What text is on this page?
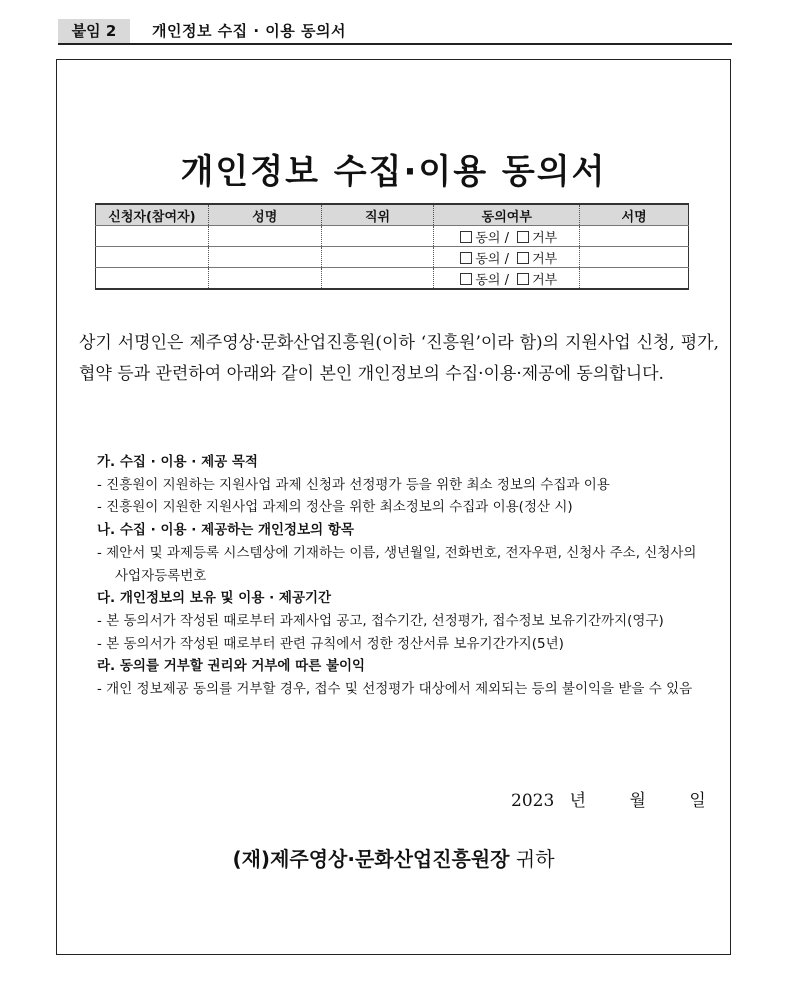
붙임 2	개인정보 수집 · 이용 동의서
개인정보 수집·이용 동의서
신청자(참여자)	성명	직위	동의여부	서명
			동의 / 거부	
			동의 / 거부	
			동의 / 거부	
상기 서명인은 제주영상·문화산업진흥원(이하 ‘진흥원’이라 함)의 지원사업 신청, 평가, 협약 등과 관련하여 아래와 같이 본인 개인정보의 수집·이용·제공에 동의합니다.
가. 수집 · 이용 · 제공 목적
- 진흥원이 지원하는 지원사업 과제 신청과 선정평가 등을 위한 최소 정보의 수집과 이용
- 진흥원이 지원한 지원사업 과제의 정산을 위한 최소정보의 수집과 이용(정산 시)
나. 수집 · 이용 · 제공하는 개인정보의 항목
- 제안서 및 과제등록 시스템상에 기재하는 이름, 생년월일, 전화번호, 전자우편, 신청사 주소, 신청사의 사업자등록번호
다. 개인정보의 보유 및 이용 · 제공기간
- 본 동의서가 작성된 때로부터 과제사업 공고, 접수기간, 선정평가, 접수정보 보유기간까지(영구)
- 본 동의서가 작성된 때로부터 관련 규칙에서 정한 정산서류 보유기간가지(5년)
라. 동의를 거부할 권리와 거부에 따른 불이익
- 개인 정보제공 동의를 거부할 경우, 접수 및 선정평가 대상에서 제외되는 등의 불이익을 받을 수 있음
2023 년	월	일
(재)제주영상·문화산업진흥원장 귀하
